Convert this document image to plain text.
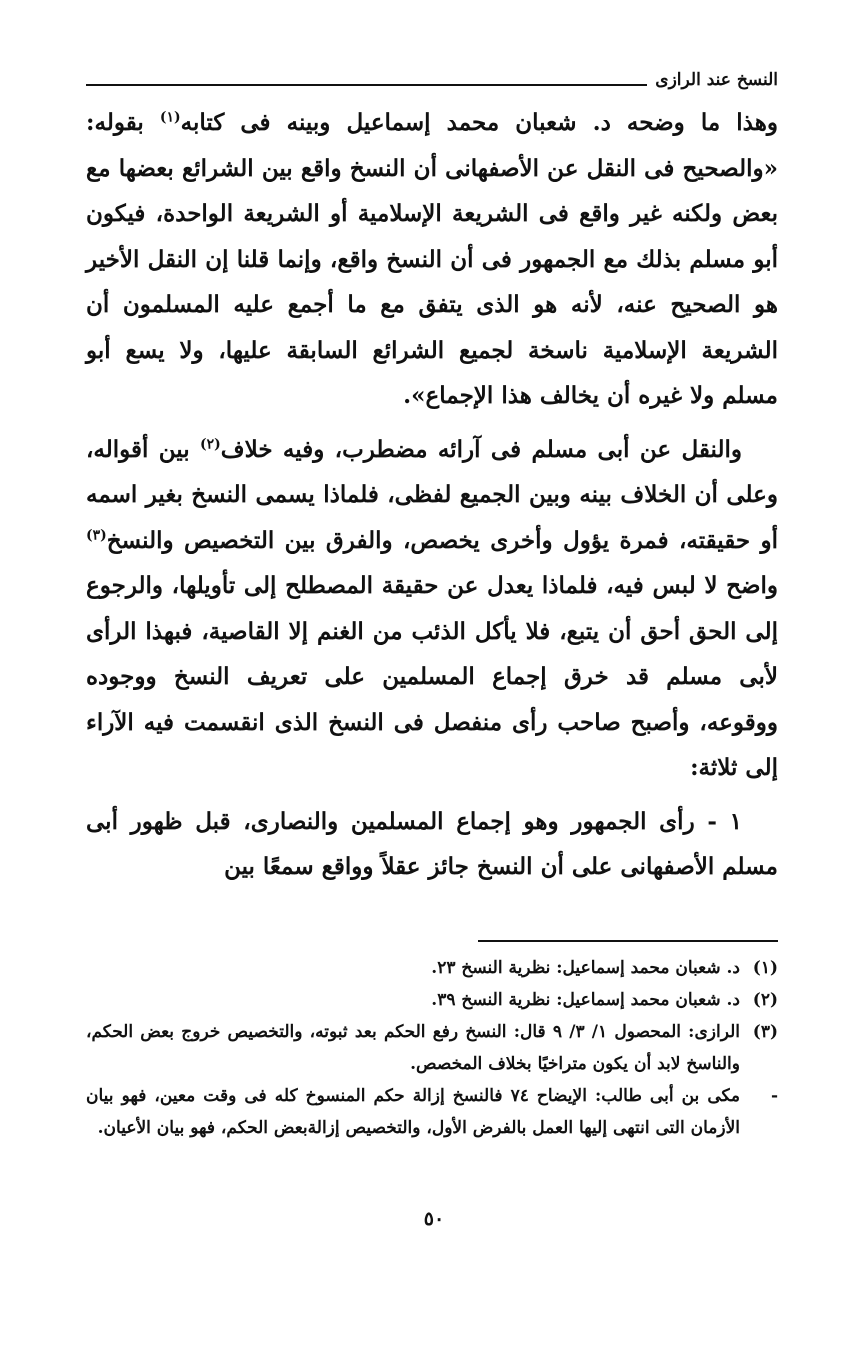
النسخ عند الرازى

وهذا ما وضحه د. شعبان محمد إسماعيل وبينه فى كتابه$^{(١)}$ بقوله: «والصحيح فى النقل عن الأصفهانى أن النسخ واقع بين الشرائع بعضها مع بعض ولكنه غير واقع فى الشريعة الإسلامية أو الشريعة الواحدة، فيكون أبو مسلم بذلك مع الجمهور فى أن النسخ واقع، وإنما قلنا إن النقل الأخير هو الصحيح عنه، لأنه هو الذى يتفق مع ما أجمع عليه المسلمون أن الشريعة الإسلامية ناسخة لجميع الشرائع السابقة عليها، ولا يسع أبو مسلم ولا غيره أن يخالف هذا الإجماع».

والنقل عن أبى مسلم فى آرائه مضطرب، وفيه خلاف$^{(٢)}$ بين أقواله، وعلى أن الخلاف بينه وبين الجميع لفظى، فلماذا يسمى النسخ بغير اسمه أو حقيقته، فمرة يؤول وأخرى يخصص، والفرق بين التخصيص والنسخ$^{(٣)}$ واضح لا لبس فيه، فلماذا يعدل عن حقيقة المصطلح إلى تأويلها، والرجوع إلى الحق أحق أن يتبع، فلا يأكل الذئب من الغنم إلا القاصية، فبهذا الرأى لأبى مسلم قد خرق إجماع المسلمين على تعريف النسخ ووجوده ووقوعه، وأصبح صاحب رأى منفصل فى النسخ الذى انقسمت فيه الآراء إلى ثلاثة:

١ - رأى الجمهور وهو إجماع المسلمين والنصارى، قبل ظهور أبى مسلم الأصفهانى على أن النسخ جائز عقلاً وواقع سمعًا بين

(١)
د. شعبان محمد إسماعيل: نظرية النسخ ٢٣.
(٢)
د. شعبان محمد إسماعيل: نظرية النسخ ٣٩.
(٣)
الرازى: المحصول ١/ ٣/ ٩ قال: النسخ رفع الحكم بعد ثبوته، والتخصيص خروج بعض الحكم، والناسخ لابد أن يكون متراخيًا بخلاف المخصص.
-
مكى بن أبى طالب: الإيضاح ٧٤ فالنسخ إزالة حكم المنسوخ كله فى وقت معين، فهو بيان الأزمان التى انتهى إليها العمل بالفرض الأول، والتخصيص إزالةبعض الحكم، فهو بيان الأعيان.
٥٠
